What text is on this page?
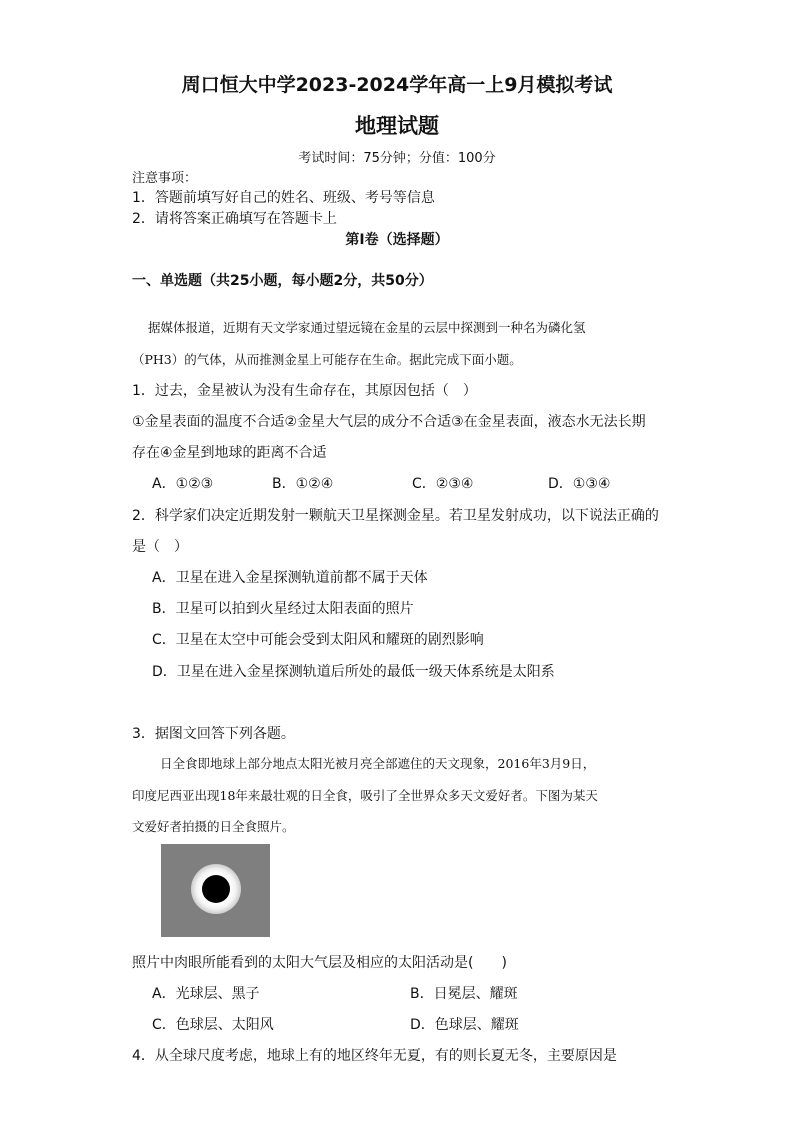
周口恒大中学2023-2024学年高一上9月模拟考试
地理试题
考试时间：75分钟；分值：100分
注意事项：
1．答题前填写好自己的姓名、班级、考号等信息
2．请将答案正确填写在答题卡上
第I卷（选择题）
一、单选题（共25小题，每小题2分，共50分）
据媒体报道，近期有天文学家通过望远镜在金星的云层中探测到一种名为磷化氢
（PH3）的气体，从而推测金星上可能存在生命。据此完成下面小题。
1．过去，金星被认为没有生命存在，其原因包括（　）
①金星表面的温度不合适②金星大气层的成分不合适③在金星表面，液态水无法长期
存在④金星到地球的距离不合适
A．①②③	B．①②④	C．②③④	D．①③④
2．科学家们决定近期发射一颗航天卫星探测金星。若卫星发射成功，以下说法正确的
是（　）
A．卫星在进入金星探测轨道前都不属于天体
B．卫星可以拍到火星经过太阳表面的照片
C．卫星在太空中可能会受到太阳风和耀斑的剧烈影响
D．卫星在进入金星探测轨道后所处的最低一级天体系统是太阳系
3．据图文回答下列各题。
日全食即地球上部分地点太阳光被月亮全部遮住的天文现象，2016年3月9日，
印度尼西亚出现18年来最壮观的日全食，吸引了全世界众多天文爱好者。下图为某天
文爱好者拍摄的日全食照片。
照片中肉眼所能看到的太阳大气层及相应的太阳活动是(　　)
A．光球层、黑子	B．日冕层、耀斑
C．色球层、太阳风	D．色球层、耀斑
4．从全球尺度考虑，地球上有的地区终年无夏，有的则长夏无冬，主要原因是
